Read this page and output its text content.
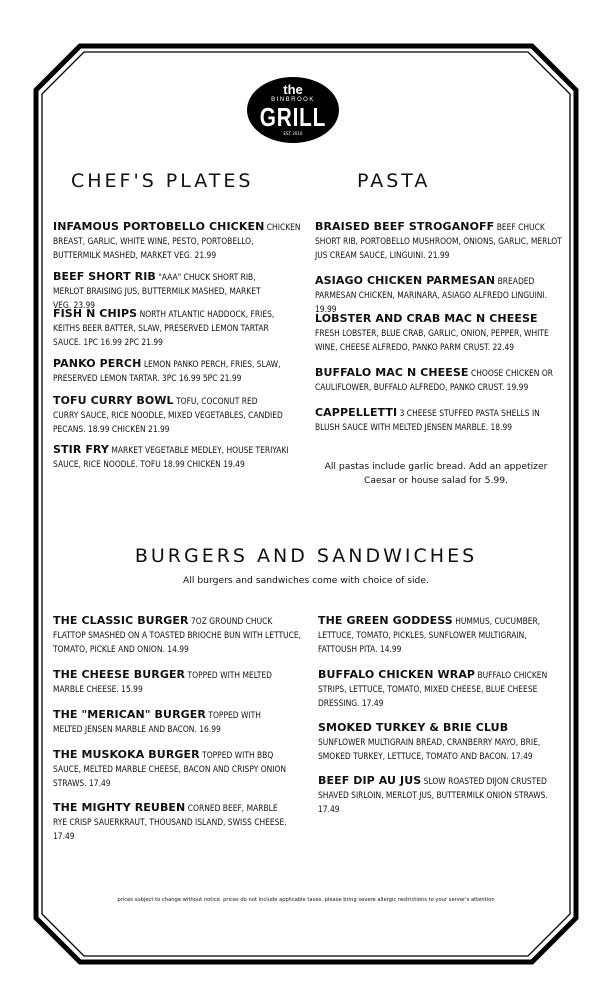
the
BINBROOK
GRILL
EST 2010
CHEF'S PLATES	PASTA
INFAMOUS PORTOBELLO CHICKEN CHICKEN BREAST, GARLIC, WHITE WINE, PESTO, PORTOBELLO, BUTTERMILK MASHED, MARKET VEG. 21.99
BEEF SHORT RIB "AAA" CHUCK SHORT RIB, MERLOT BRAISING JUS, BUTTERMILK MASHED, MARKET VEG. 23.99
FISH N CHIPS NORTH ATLANTIC HADDOCK, FRIES, KEITHS BEER BATTER, SLAW, PRESERVED LEMON TARTAR SAUCE. 1PC 16.99 2PC 21.99
PANKO PERCH LEMON PANKO PERCH, FRIES, SLAW, PRESERVED LEMON TARTAR. 3PC 16.99 5PC 21.99
TOFU CURRY BOWL TOFU, COCONUT RED CURRY SAUCE, RICE NOODLE, MIXED VEGETABLES, CANDIED PECANS. 18.99 CHICKEN 21.99
STIR FRY MARKET VEGETABLE MEDLEY, HOUSE TERIYAKI SAUCE, RICE NOODLE. TOFU 18.99 CHICKEN 19.49
BRAISED BEEF STROGANOFF BEEF CHUCK SHORT RIB, PORTOBELLO MUSHROOM, ONIONS, GARLIC, MERLOT JUS CREAM SAUCE, LINGUINI. 21.99
ASIAGO CHICKEN PARMESAN BREADED PARMESAN CHICKEN, MARINARA, ASIAGO ALFREDO LINGUINI. 19.99
LOBSTER AND CRAB MAC N CHEESE FRESH LOBSTER, BLUE CRAB, GARLIC, ONION, PEPPER, WHITE WINE, CHEESE ALFREDO, PANKO PARM CRUST. 22.49
BUFFALO MAC N CHEESE CHOOSE CHICKEN OR CAULIFLOWER, BUFFALO ALFREDO, PANKO CRUST. 19.99
CAPPELLETTI 3 CHEESE STUFFED PASTA SHELLS IN BLUSH SAUCE WITH MELTED JENSEN MARBLE. 18.99
All pastas include garlic bread. Add an appetizer Caesar or house salad for 5.99.
BURGERS AND SANDWICHES
All burgers and sandwiches come with choice of side.
THE CLASSIC BURGER 7OZ GROUND CHUCK FLATTOP SMASHED ON A TOASTED BRIOCHE BUN WITH LETTUCE, TOMATO, PICKLE AND ONION. 14.99
THE CHEESE BURGER TOPPED WITH MELTED MARBLE CHEESE. 15.99
THE "MERICAN" BURGER TOPPED WITH MELTED JENSEN MARBLE AND BACON. 16.99
THE MUSKOKA BURGER TOPPED WITH BBQ SAUCE, MELTED MARBLE CHEESE, BACON AND CRISPY ONION STRAWS. 17.49
THE MIGHTY REUBEN CORNED BEEF, MARBLE RYE CRISP SAUERKRAUT, THOUSAND ISLAND, SWISS CHEESE. 17.49
THE GREEN GODDESS HUMMUS, CUCUMBER, LETTUCE, TOMATO, PICKLES, SUNFLOWER MULTIGRAIN, FATTOUSH PITA. 14.99
BUFFALO CHICKEN WRAP BUFFALO CHICKEN STRIPS, LETTUCE, TOMATO, MIXED CHEESE, BLUE CHEESE DRESSING. 17.49
SMOKED TURKEY & BRIE CLUB SUNFLOWER MULTIGRAIN BREAD, CRANBERRY MAYO, BRIE, SMOKED TURKEY, LETTUCE, TOMATO AND BACON. 17.49
BEEF DIP AU JUS SLOW ROASTED DIJON CRUSTED SHAVED SIRLOIN, MERLOT JUS, BUTTERMILK ONION STRAWS. 17.49
prices subject to change without notice. prices do not include applicable taxes. please bring severe allergic restrictions to your server's attention
